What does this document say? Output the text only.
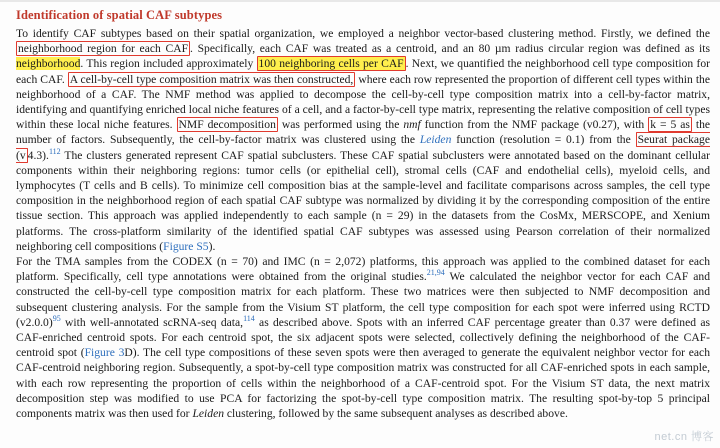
Identification of spatial CAF subtypes

To identify CAF subtypes based on their spatial organization, we employed a neighbor vector-based clustering method. Firstly, we defined the neighborhood region for each CAF . Specifically, each CAF was treated as a centroid, and an 80 µm radius circular region was defined as its neighborhood. This region included approximately 100 neighboring cells per CAF . Next, we quantified the neighborhood cell type composition for each CAF. A cell-by-cell type composition matrix was then constructed, where each row represented the proportion of different cell types within the neighborhood of a CAF. The NMF method was applied to decompose the cell-by-cell type composition matrix into a cell-by-factor matrix, identifying and quantifying enriched local niche features of a cell, and a factor-by-cell type matrix, representing the relative composition of cell types within these local niche features. NMF decomposition was performed using the nmf function from the NMF package (v0.27), with k = 5 as the number of factors. Subsequently, the cell-by-factor matrix was clustered using the Leiden function (resolution = 0.1) from the Seurat package (v 4.3).$^{112}$ The clusters generated represent CAF spatial subclusters. These CAF spatial subclusters were annotated based on the dominant cellular components within their neighboring regions: tumor cells (or epithelial cell), stromal cells (CAF and endothelial cells), myeloid cells, and lymphocytes (T cells and B cells). To minimize cell composition bias at the sample-level and facilitate comparisons across samples, the cell type composition in the neighborhood region of each spatial CAF subtype was normalized by dividing it by the corresponding composition of the entire tissue section. This approach was applied independently to each sample (n = 29) in the datasets from the CosMx, MERSCOPE, and Xenium platforms. The cross-platform similarity of the identified spatial CAF subtypes was assessed using Pearson correlation of their normalized neighboring cell compositions (Figure S5).

For the TMA samples from the CODEX (n = 70) and IMC (n = 2,072) platforms, this approach was applied to the combined dataset for each platform. Specifically, cell type annotations were obtained from the original studies.$^{21,94}$ We calculated the neighbor vector for each CAF and constructed the cell-by-cell type composition matrix for each platform. These two matrices were then subjected to NMF decomposition and subsequent clustering analysis. For the sample from the Visium ST platform, the cell type composition for each spot were inferred using RCTD $(v2.0.0)^{95}$ with well-annotated scRNA-seq data,$^{114}$ as described above. Spots with an inferred CAF percentage greater than 0.37 were defined as CAF-enriched centroid spots. For each centroid spot, the six adjacent spots were selected, collectively defining the neighborhood of the CAF-centroid spot (Figure 3D). The cell type compositions of these seven spots were then averaged to generate the equivalent neighbor vector for each CAF-centroid neighboring region. Subsequently, a spot-by-cell type composition matrix was constructed for all CAF-enriched spots in each sample, with each row representing the proportion of cells within the neighborhood of a CAF-centroid spot. For the Visium ST data, the next matrix decomposition step was modified to use PCA for factorizing the spot-by-cell type composition matrix. The resulting spot-by-top 5 principal components matrix was then used for Leiden clustering, followed by the same subsequent analyses as described above.

net.cn 博客
